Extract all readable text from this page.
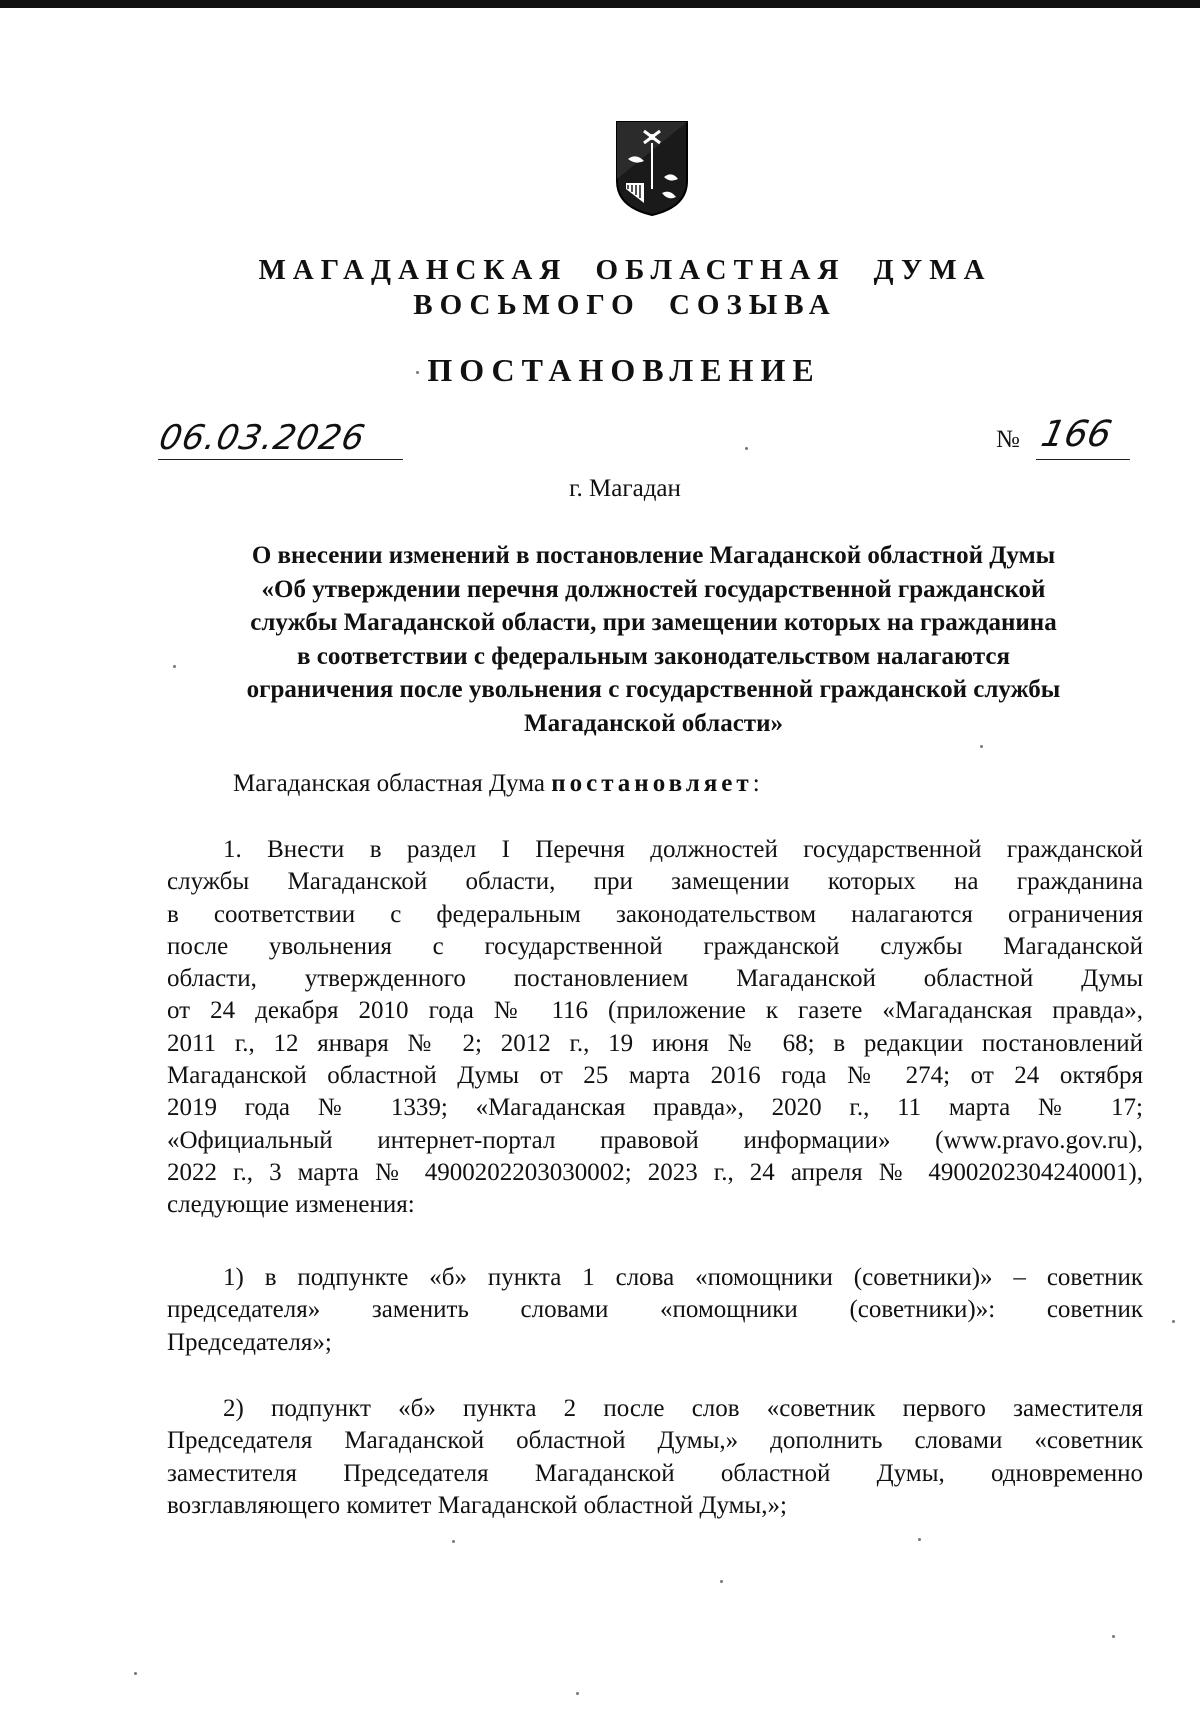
МАГАДАНСКАЯ ОБЛАСТНАЯ ДУМА
ВОСЬМОГО СОЗЫВА
ПОСТАНОВЛЕНИЕ
06.03.2026	№ 166
г. Магадан
О внесении изменений в постановление Магаданской областной Думы
«Об утверждении перечня должностей государственной гражданской
службы Магаданской области, при замещении которых на гражданина
в соответствии с федеральным законодательством налагаются
ограничения после увольнения с государственной гражданской службы
Магаданской области»
Магаданская областная Дума постановляет:

1. Внести в раздел I Перечня должностей государственной гражданской
службы Магаданской области, при замещении которых на гражданина
в соответствии с федеральным законодательством налагаются ограничения
после увольнения с государственной гражданской службы Магаданской
области, утвержденного постановлением Магаданской областной Думы
от 24 декабря 2010 года № 116 (приложение к газете «Магаданская правда»,
2011 г., 12 января № 2; 2012 г., 19 июня № 68; в редакции постановлений
Магаданской областной Думы от 25 марта 2016 года № 274; от 24 октября
2019 года № 1339; «Магаданская правда», 2020 г., 11 марта № 17;
«Официальный интернет-портал правовой информации» (www.pravo.gov.ru),
2022 г., 3 марта № 4900202203030002; 2023 г., 24 апреля № 4900202304240001),
следующие изменения:

1) в подпункте «б» пункта 1 слова «помощники (советники)» – советник
председателя» заменить словами «помощники (советники)»: советник
Председателя»;

2) подпункт «б» пункта 2 после слов «советник первого заместителя
Председателя Магаданской областной Думы,» дополнить словами «советник
заместителя Председателя Магаданской областной Думы, одновременно
возглавляющего комитет Магаданской областной Думы,»;
